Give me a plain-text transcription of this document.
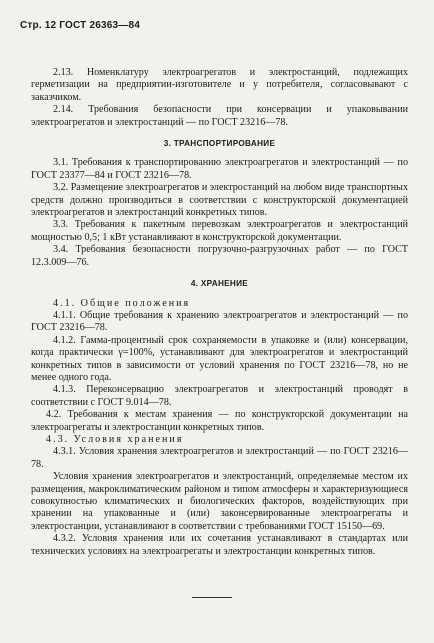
Стр. 12 ГОСТ 26363—84

2.13. Номенклатуру электроагрегатов и электростанций, подлежащих герметизации на предприятии-изготовителе и у потребителя, согласовывают с заказчиком.

2.14. Требования безопасности при консервации и упаковывании электроагрегатов и электростанций — по ГОСТ 23216—78.

3. ТРАНСПОРТИРОВАНИЕ

3.1. Требования к транспортированию электроагрегатов и электростанций — по ГОСТ 23377—84 и ГОСТ 23216—78.

3.2. Размещение электроагрегатов и электростанций на любом виде транспортных средств должно производиться в соответствии с конструкторской документацией электроагрегатов и электростанций конкретных типов.

3.3. Требования к пакетным перевозкам электроагрегатов и электростанций мощностью 0,5; 1 кВт устанавливают в конструкторской документации.

3.4. Требования безопасности погрузочно-разгрузочных работ — по ГОСТ 12.3.009—76.

4. ХРАНЕНИЕ

4.1. Общие положения

4.1.1. Общие требования к хранению электроагрегатов и электростанций — по ГОСТ 23216—78.

4.1.2. Гамма-процентный срок сохраняемости в упаковке и (или) консервации, когда практически γ=100%, устанавливают для электроагрегатов и электростанций конкретных типов в зависимости от условий хранения по ГОСТ 23216—78, но не менее одного года.

4.1.3. Переконсервацию электроагрегатов и электростанций проводят в соответствии с ГОСТ 9.014—78.

4.2. Требования к местам хранения — по конструкторской документации на электроагрегаты и электростанции конкретных типов.

4.3. Условия хранения

4.3.1. Условия хранения электроагрегатов и электростанций — по ГОСТ 23216—78.

Условия хранения электроагрегатов и электростанций, определяемые местом их размещения, макроклиматическим районом и типом атмосферы и характеризующиеся совокупностью климатических и биологических факторов, воздействующих при хранении на упакованные и (или) законсервированные электроагрегаты и электростанции, устанавливают в соответствии с требованиями ГОСТ 15150—69.

4.3.2. Условия хранения или их сочетания устанавливают в стандартах или технических условиях на электроагрегаты и электростанции конкретных типов.
